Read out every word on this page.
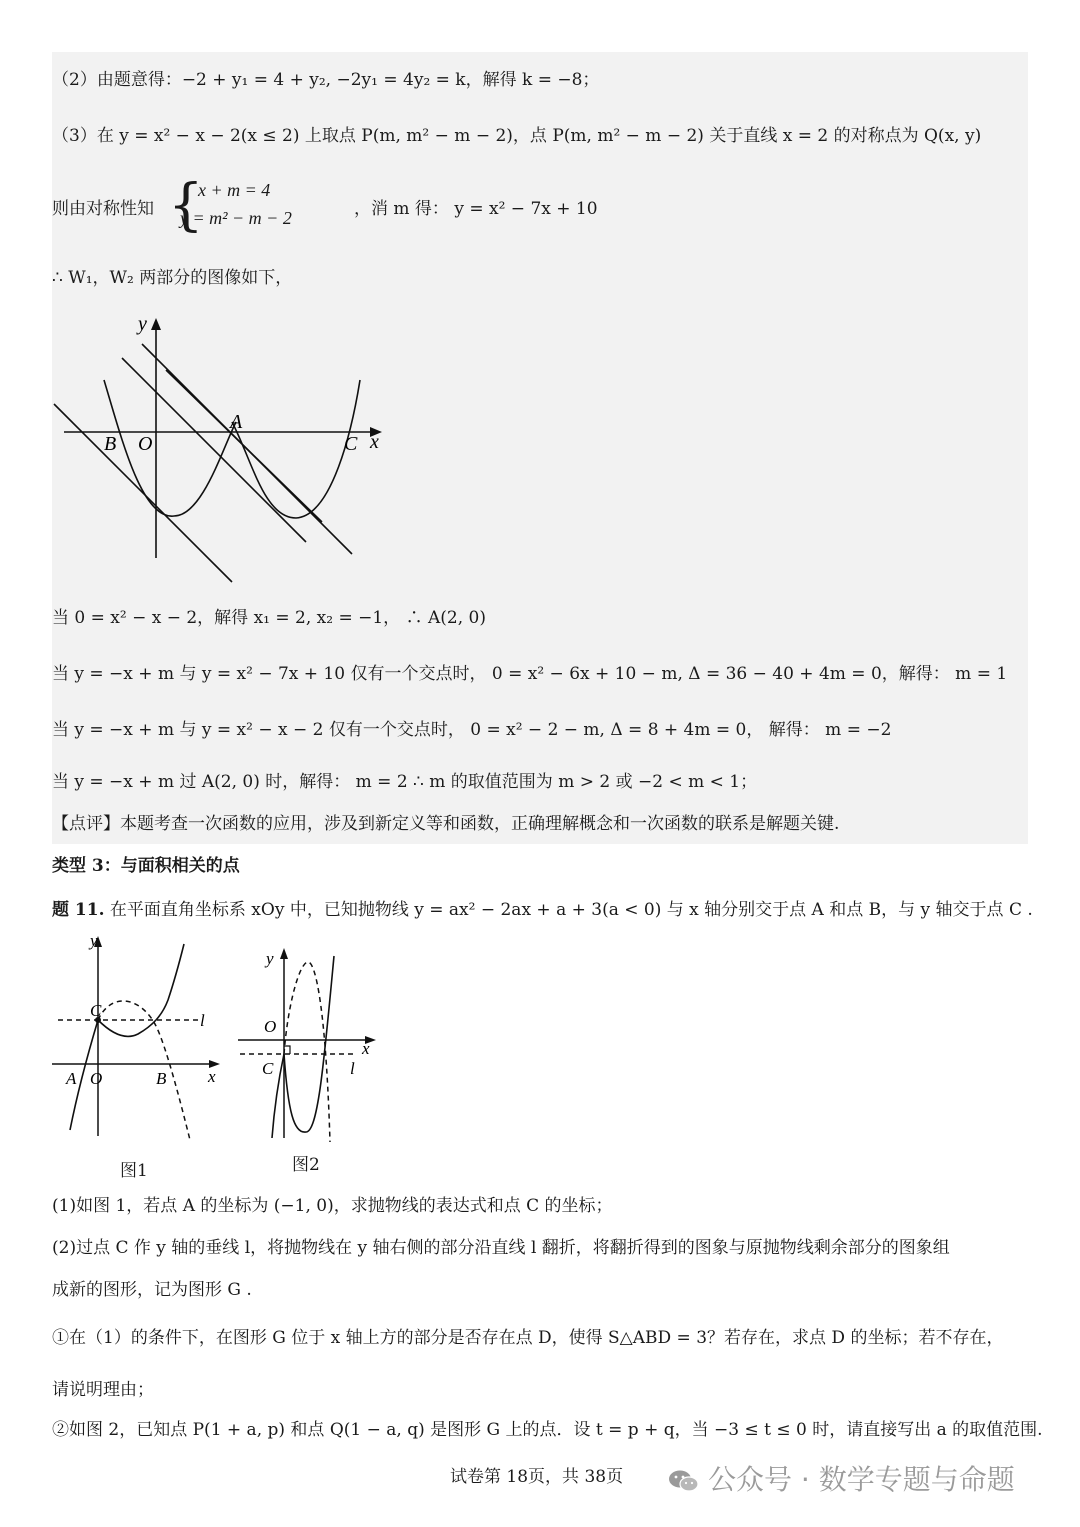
（2）由题意得：−2 + y₁ = 4 + y₂, −2y₁ = 4y₂ = k，解得 k = −8；
（3）在 y = x² − x − 2(x ≤ 2) 上取点 P(m, m² − m − 2)，点 P(m, m² − m − 2) 关于直线 x = 2 的对称点为 Q(x, y)
则由对称性知 {
x + m = 4
y = m² − m − 2	，消 m 得： y = x² − 7x + 10
∴ W₁，W₂ 两部分的图像如下，
y
x
B O
A
C
当 0 = x² − x − 2，解得 x₁ = 2, x₂ = −1， ∴ A(2, 0)
当 y = −x + m 与 y = x² − 7x + 10 仅有一个交点时， 0 = x² − 6x + 10 − m, Δ = 36 − 40 + 4m = 0，解得： m = 1
当 y = −x + m 与 y = x² − x − 2 仅有一个交点时， 0 = x² − 2 − m, Δ = 8 + 4m = 0， 解得： m = −2
当 y = −x + m 过 A(2, 0) 时，解得： m = 2 ∴ m 的取值范围为 m > 2 或 −2 < m < 1；
【点评】本题考查一次函数的应用，涉及到新定义等和函数，正确理解概念和一次函数的联系是解题关键.
类型 3：与面积相关的点
题 11. 在平面直角坐标系 xOy 中，已知抛物线 y = ax² − 2ax + a + 3(a < 0) 与 x 轴分别交于点 A 和点 B，与 y 轴交于点 C .
y
x
C
l
A O	B
图1
y
x
O
C	l
图2
(1)如图 1，若点 A 的坐标为 (−1, 0)，求抛物线的表达式和点 C 的坐标；
(2)过点 C 作 y 轴的垂线 l，将抛物线在 y 轴右侧的部分沿直线 l 翻折，将翻折得到的图象与原抛物线剩余部分的图象组
成新的图形，记为图形 G .
①在（1）的条件下，在图形 G 位于 x 轴上方的部分是否存在点 D，使得 S△ABD = 3？若存在，求点 D 的坐标；若不存在，
请说明理由；
②如图 2，已知点 P(1 + a, p) 和点 Q(1 − a, q) 是图形 G 上的点．设 t = p + q，当 −3 ≤ t ≤ 0 时，请直接写出 a 的取值范围.
试卷第 18页，共 38页	公众号 · 数学专题与命题
